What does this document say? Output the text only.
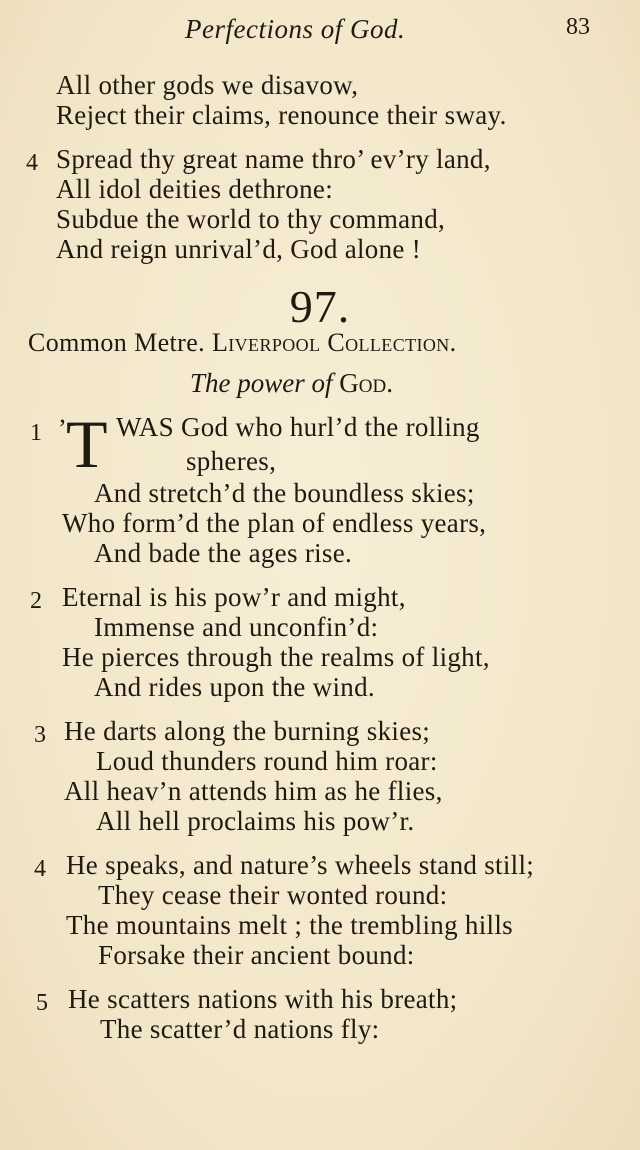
Perfections of God.	83
All other gods we disavow,
Reject their claims, renounce their sway.
4 Spread thy great name thro’ ev’ry land,
All idol deities dethrone:
Subdue the world to thy command,
And reign unrival’d, God alone !
97.
Common Metre. Liverpool Collection.
The power of God.
1 ’ T WAS God who hurl’d the rolling
spheres,
And stretch’d the boundless skies;
Who form’d the plan of endless years,
And bade the ages rise.
2 Eternal is his pow’r and might,
Immense and unconfin’d:
He pierces through the realms of light,
And rides upon the wind.
3 He darts along the burning skies;
Loud thunders round him roar:
All heav’n attends him as he flies,
All hell proclaims his pow’r.
4 He speaks, and nature’s wheels stand still;
They cease their wonted round:
The mountains melt ; the trembling hills
Forsake their ancient bound:
5 He scatters nations with his breath;
The scatter’d nations fly:
